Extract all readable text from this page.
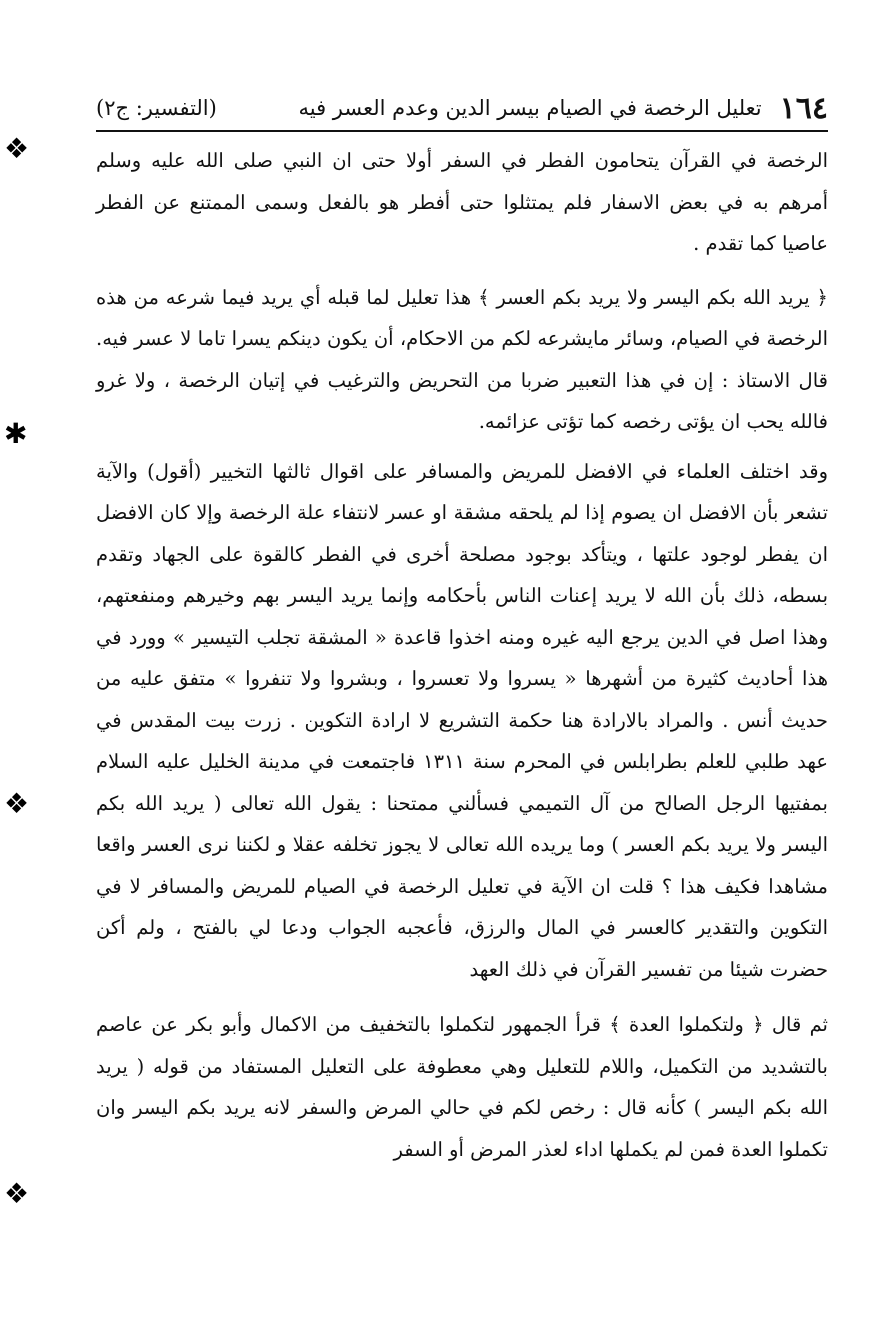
❖
✱
❖
❖
١٦٤
تعليل الرخصة في الصيام بيسر الدين وعدم العسر فيه
(التفسير: ج٢)

الرخصة في القرآن يتحامون الفطر في السفر أولا حتى ان النبي صلى الله عليه وسلم أمرهم به في بعض الاسفار فلم يمتثلوا حتى أفطر هو بالفعل وسمى الممتنع عن الفطر عاصيا كما تقدم .

﴿ يريد الله بكم اليسر ولا يريد بكم العسر ﴾ هذا تعليل لما قبله أي يريد فيما شرعه من هذه الرخصة في الصيام، وسائر مايشرعه لكم من الاحكام، أن يكون دينكم يسرا تاما لا عسر فيه. قال الاستاذ : إن في هذا التعبير ضربا من التحريض والترغيب في إتيان الرخصة ، ولا غرو فالله يحب ان يؤتى رخصه كما تؤتى عزائمه.

وقد اختلف العلماء في الافضل للمريض والمسافر على اقوال ثالثها التخيير (أقول) والآية تشعر بأن الافضل ان يصوم إذا لم يلحقه مشقة او عسر لانتفاء علة الرخصة وإلا كان الافضل ان يفطر لوجود علتها ، ويتأكد بوجود مصلحة أخرى في الفطر كالقوة على الجهاد وتقدم بسطه، ذلك بأن الله لا يريد إعنات الناس بأحكامه وإنما يريد اليسر بهم وخيرهم ومنفعتهم، وهذا اصل في الدين يرجع اليه غيره ومنه اخذوا قاعدة « المشقة تجلب التيسير » وورد في هذا أحاديث كثيرة من أشهرها « يسروا ولا تعسروا ، وبشروا ولا تنفروا » متفق عليه من حديث أنس . والمراد بالارادة هنا حكمة التشريع لا ارادة التكوين . زرت بيت المقدس في عهد طلبي للعلم بطرابلس في المحرم سنة ١٣١١ فاجتمعت في مدينة الخليل عليه السلام بمفتيها الرجل الصالح من آل التميمي فسألني ممتحنا : يقول الله تعالى ( يريد الله بكم اليسر ولا يريد بكم العسر ) وما يريده الله تعالى لا يجوز تخلفه عقلا و لكننا نرى العسر واقعا مشاهدا فكيف هذا ؟ قلت ان الآية في تعليل الرخصة في الصيام للمريض والمسافر لا في التكوين والتقدير كالعسر في المال والرزق، فأعجبه الجواب ودعا لي بالفتح ، ولم أكن حضرت شيئا من تفسير القرآن في ذلك العهد

ثم قال ﴿ ولتكملوا العدة ﴾ قرأ الجمهور لتكملوا بالتخفيف من الاكمال وأبو بكر عن عاصم بالتشديد من التكميل، واللام للتعليل وهي معطوفة على التعليل المستفاد من قوله ( يريد الله بكم اليسر ) كأنه قال : رخص لكم في حالي المرض والسفر لانه يريد بكم اليسر وان تكملوا العدة فمن لم يكملها اداء لعذر المرض أو السفر
